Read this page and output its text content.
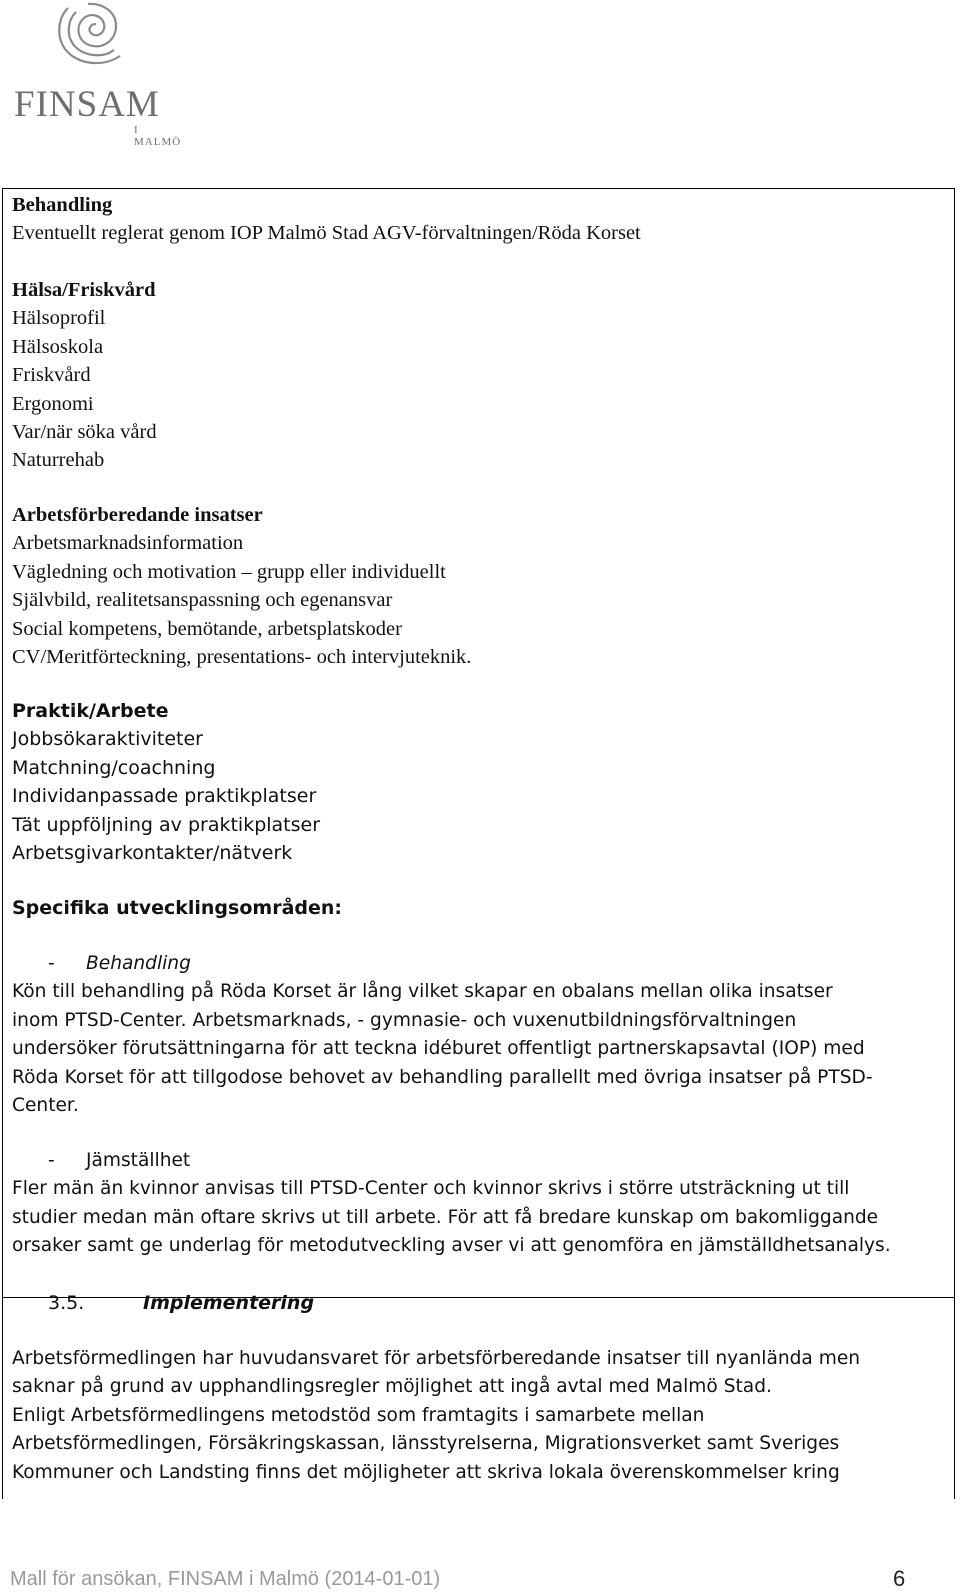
FINSAM
I MALMÖ
Behandling
Eventuellt reglerat genom IOP Malmö Stad AGV-förvaltningen/Röda Korset
Hälsa/Friskvård
Hälsoprofil
Hälsoskola
Friskvård
Ergonomi
Var/när söka vård
Naturrehab
Arbetsförberedande insatser
Arbetsmarknadsinformation
Vägledning och motivation – grupp eller individuellt
Självbild, realitetsanspassning och egenansvar
Social kompetens, bemötande, arbetsplatskoder
CV/Meritförteckning, presentations- och intervjuteknik.
Praktik/Arbete
Jobbsökaraktiviteter
Matchning/coachning
Individanpassade praktikplatser
Tät uppföljning av praktikplatser
Arbetsgivarkontakter/nätverk
Specifika utvecklingsområden:
- Behandling
Kön till behandling på Röda Korset är lång vilket skapar en obalans mellan olika insatser
inom PTSD-Center. Arbetsmarknads, - gymnasie- och vuxenutbildningsförvaltningen
undersöker förutsättningarna för att teckna idéburet offentligt partnerskapsavtal (IOP) med
Röda Korset för att tillgodose behovet av behandling parallellt med övriga insatser på PTSD-
Center.
- Jämställhet
Fler män än kvinnor anvisas till PTSD-Center och kvinnor skrivs i större utsträckning ut till
studier medan män oftare skrivs ut till arbete. För att få bredare kunskap om bakomliggande
orsaker samt ge underlag för metodutveckling avser vi att genomföra en jämställdhetsanalys.
3.5.	Implementering
Arbetsförmedlingen har huvudansvaret för arbetsförberedande insatser till nyanlända men
saknar på grund av upphandlingsregler möjlighet att ingå avtal med Malmö Stad.
Enligt Arbetsförmedlingens metodstöd som framtagits i samarbete mellan
Arbetsförmedlingen, Försäkringskassan, länsstyrelserna, Migrationsverket samt Sveriges
Kommuner och Landsting finns det möjligheter att skriva lokala överenskommelser kring
Mall för ansökan, FINSAM i Malmö (2014-01-01)	6
